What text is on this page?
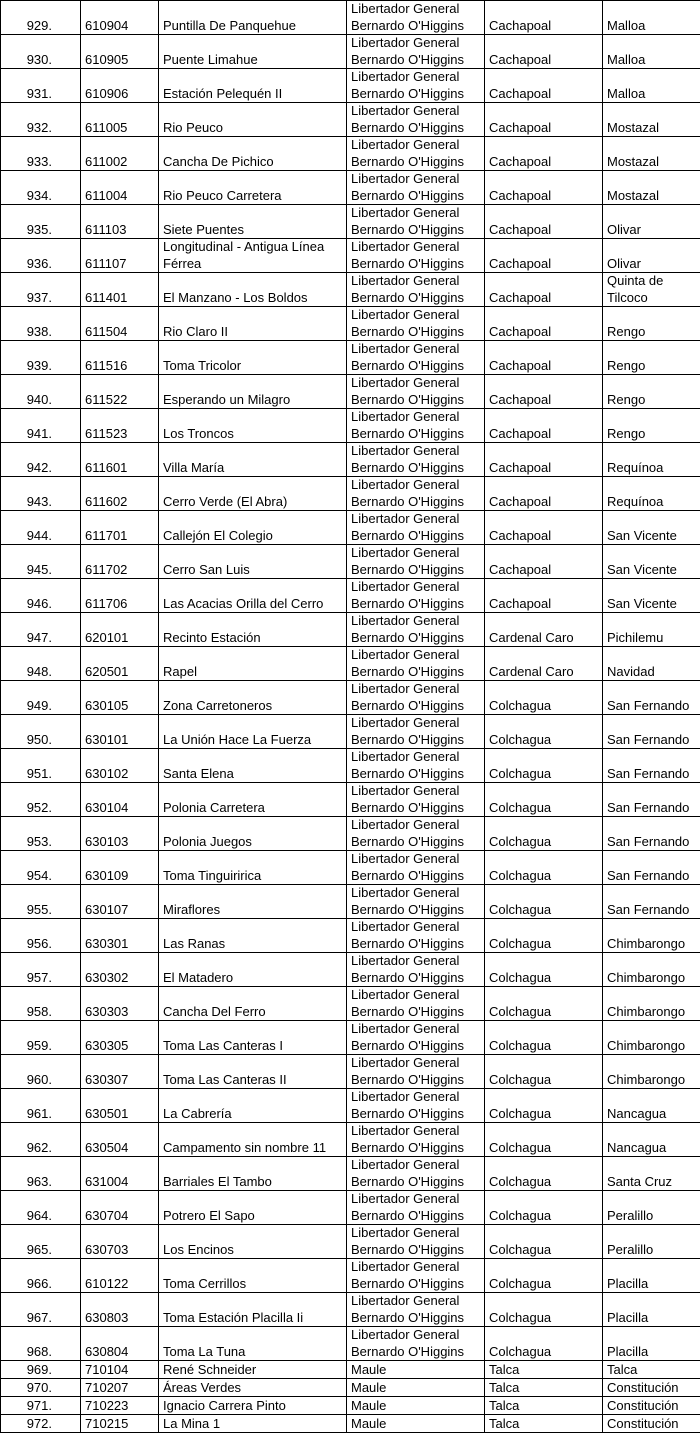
929.	610904	Puntilla De Panquehue	Libertador General Bernardo O'Higgins	Cachapoal	Malloa
930.	610905	Puente Limahue	Libertador General Bernardo O'Higgins	Cachapoal	Malloa
931.	610906	Estación Pelequén II	Libertador General Bernardo O'Higgins	Cachapoal	Malloa
932.	611005	Rio Peuco	Libertador General Bernardo O'Higgins	Cachapoal	Mostazal
933.	611002	Cancha De Pichico	Libertador General Bernardo O'Higgins	Cachapoal	Mostazal
934.	611004	Rio Peuco Carretera	Libertador General Bernardo O'Higgins	Cachapoal	Mostazal
935.	611103	Siete Puentes	Libertador General Bernardo O'Higgins	Cachapoal	Olivar
936.	611107	Longitudinal - Antigua Línea Férrea	Libertador General Bernardo O'Higgins	Cachapoal	Olivar
937.	611401	El Manzano - Los Boldos	Libertador General Bernardo O'Higgins	Cachapoal	Quinta de Tilcoco
938.	611504	Rio Claro II	Libertador General Bernardo O'Higgins	Cachapoal	Rengo
939.	611516	Toma Tricolor	Libertador General Bernardo O'Higgins	Cachapoal	Rengo
940.	611522	Esperando un Milagro	Libertador General Bernardo O'Higgins	Cachapoal	Rengo
941.	611523	Los Troncos	Libertador General Bernardo O'Higgins	Cachapoal	Rengo
942.	611601	Villa María	Libertador General Bernardo O'Higgins	Cachapoal	Requínoa
943.	611602	Cerro Verde (El Abra)	Libertador General Bernardo O'Higgins	Cachapoal	Requínoa
944.	611701	Callejón El Colegio	Libertador General Bernardo O'Higgins	Cachapoal	San Vicente
945.	611702	Cerro San Luis	Libertador General Bernardo O'Higgins	Cachapoal	San Vicente
946.	611706	Las Acacias Orilla del Cerro	Libertador General Bernardo O'Higgins	Cachapoal	San Vicente
947.	620101	Recinto Estación	Libertador General Bernardo O'Higgins	Cardenal Caro	Pichilemu
948.	620501	Rapel	Libertador General Bernardo O'Higgins	Cardenal Caro	Navidad
949.	630105	Zona Carretoneros	Libertador General Bernardo O'Higgins	Colchagua	San Fernando
950.	630101	La Unión Hace La Fuerza	Libertador General Bernardo O'Higgins	Colchagua	San Fernando
951.	630102	Santa Elena	Libertador General Bernardo O'Higgins	Colchagua	San Fernando
952.	630104	Polonia Carretera	Libertador General Bernardo O'Higgins	Colchagua	San Fernando
953.	630103	Polonia Juegos	Libertador General Bernardo O'Higgins	Colchagua	San Fernando
954.	630109	Toma Tinguiririca	Libertador General Bernardo O'Higgins	Colchagua	San Fernando
955.	630107	Miraflores	Libertador General Bernardo O'Higgins	Colchagua	San Fernando
956.	630301	Las Ranas	Libertador General Bernardo O'Higgins	Colchagua	Chimbarongo
957.	630302	El Matadero	Libertador General Bernardo O'Higgins	Colchagua	Chimbarongo
958.	630303	Cancha Del Ferro	Libertador General Bernardo O'Higgins	Colchagua	Chimbarongo
959.	630305	Toma Las Canteras I	Libertador General Bernardo O'Higgins	Colchagua	Chimbarongo
960.	630307	Toma Las Canteras II	Libertador General Bernardo O'Higgins	Colchagua	Chimbarongo
961.	630501	La Cabrería	Libertador General Bernardo O'Higgins	Colchagua	Nancagua
962.	630504	Campamento sin nombre 11	Libertador General Bernardo O'Higgins	Colchagua	Nancagua
963.	631004	Barriales El Tambo	Libertador General Bernardo O'Higgins	Colchagua	Santa Cruz
964.	630704	Potrero El Sapo	Libertador General Bernardo O'Higgins	Colchagua	Peralillo
965.	630703	Los Encinos	Libertador General Bernardo O'Higgins	Colchagua	Peralillo
966.	610122	Toma Cerrillos	Libertador General Bernardo O'Higgins	Colchagua	Placilla
967.	630803	Toma Estación Placilla Ii	Libertador General Bernardo O'Higgins	Colchagua	Placilla
968.	630804	Toma La Tuna	Libertador General Bernardo O'Higgins	Colchagua	Placilla
969.	710104	René Schneider	Maule	Talca	Talca
970.	710207	Áreas Verdes	Maule	Talca	Constitución
971.	710223	Ignacio Carrera Pinto	Maule	Talca	Constitución
972.	710215	La Mina 1	Maule	Talca	Constitución
